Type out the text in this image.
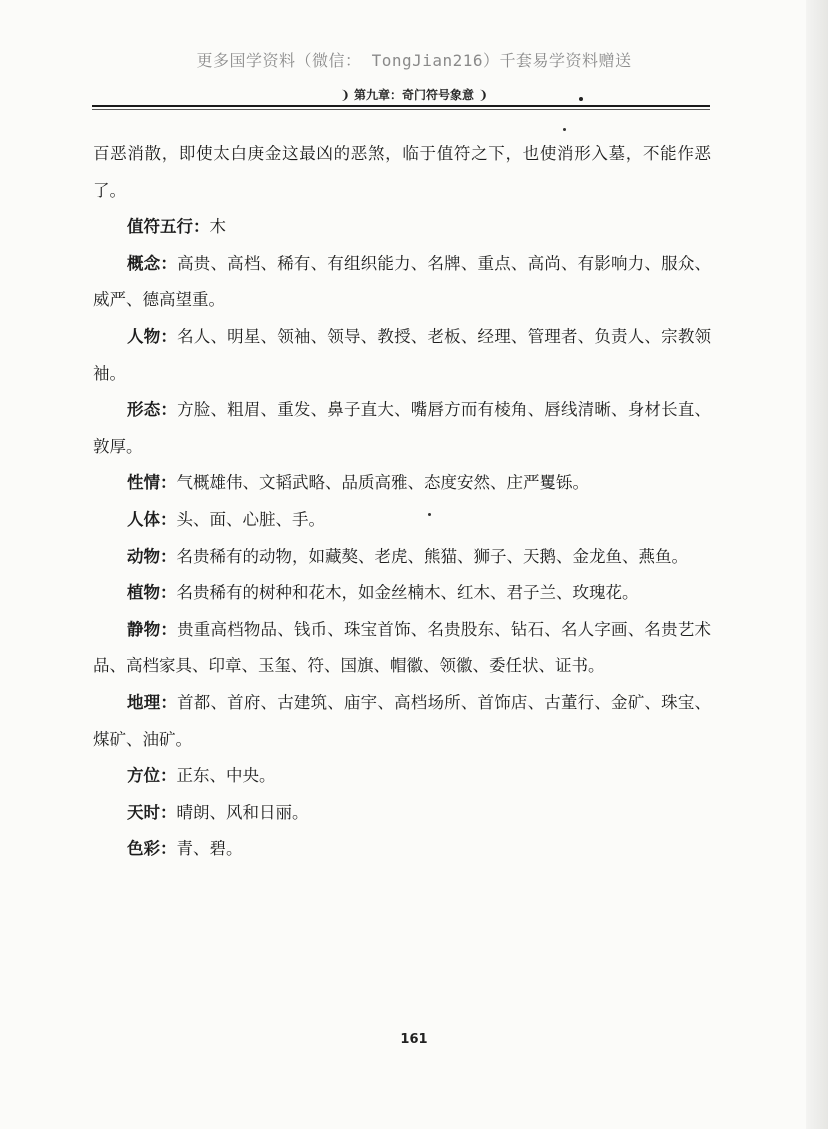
更多国学资料（微信： TongJian216）千套易学资料赠送
❩ 第九章：奇门符号象意 ❩

百恶消散，即使太白庚金这最凶的恶煞，临于值符之下，也使消形入墓，不能作恶了。

值符五行：木

概念：高贵、高档、稀有、有组织能力、名牌、重点、高尚、有影响力、服众、威严、德高望重。

人物：名人、明星、领袖、领导、教授、老板、经理、管理者、负责人、宗教领袖。

形态：方脸、粗眉、重发、鼻子直大、嘴唇方而有棱角、唇线清晰、身材长直、敦厚。

性情：气概雄伟、文韬武略、品质高雅、态度安然、庄严矍铄。

人体：头、面、心脏、手。

动物：名贵稀有的动物，如藏獒、老虎、熊猫、狮子、天鹅、金龙鱼、燕鱼。

植物：名贵稀有的树种和花木，如金丝楠木、红木、君子兰、玫瑰花。

静物：贵重高档物品、钱币、珠宝首饰、名贵股东、钻石、名人字画、名贵艺术品、高档家具、印章、玉玺、符、国旗、帽徽、领徽、委任状、证书。

地理：首都、首府、古建筑、庙宇、高档场所、首饰店、古董行、金矿、珠宝、煤矿、油矿。

方位：正东、中央。

天时：晴朗、风和日丽。

色彩：青、碧。

161
